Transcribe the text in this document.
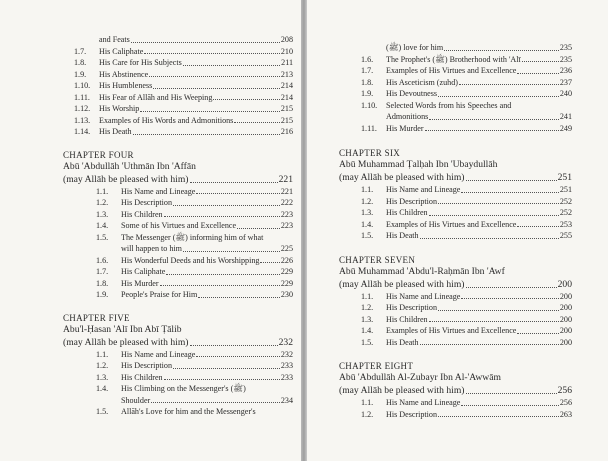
and Feats	208
1.7.	His Caliphate	210
1.8.	His Care for His Subjects	211
1.9.	His Abstinence	213
1.10.	His Humbleness	214
1.11.	His Fear of Allāh and His Weeping	214
1.12.	His Worship	215
1.13.	Examples of His Words and Admonitions	215
1.14.	His Death	216
CHAPTER FOUR
Abū 'Abdullāh 'Uthmān Ibn 'Affān
(may Allāh be pleased with him)	221
1.1.	His Name and Lineage	221
1.2.	His Description	222
1.3.	His Children	223
1.4.	Some of his Virtues and Excellence	223
1.5.	The Messenger (ﷺ) informing him of what
will happen to him	225
1.6.	His Wonderful Deeds and his Worshipping	226
1.7.	His Caliphate	229
1.8.	His Murder	229
1.9.	People's Praise for Him	230
CHAPTER FIVE
Abu'l-Ḥasan 'Alī Ibn Abī Ṭālib
(may Allāh be pleased with him)	232
1.1.	His Name and Lineage	232
1.2.	His Description	233
1.3.	His Children	233
1.4.	His Climbing on the Messenger's (ﷺ)
Shoulder	234
1.5.	Allāh's Love for him and the Messenger's
(ﷺ) love for him	235
1.6.	The Prophet's (ﷺ) Brotherhood with 'Alī	235
1.7.	Examples of His Virtues and Excellence	236
1.8.	His Asceticism (zuhd)	237
1.9.	His Devoutness	240
1.10.	Selected Words from his Speeches and
Admonitions	241
1.11.	His Murder	249
CHAPTER SIX
Abū Muhammad Ṭalḥah Ibn 'Ubaydullāh
(may Allāh be pleased with him)	251
1.1.	His Name and Lineage	251
1.2.	His Description	252
1.3.	His Children	252
1.4.	Examples of His Virtues and Excellence	253
1.5.	His Death	255
CHAPTER SEVEN
Abū Muhammad 'Abdu'l-Raḥmān Ibn 'Awf
(may Allāh be pleased with him)	200
1.1.	His Name and Lineage	200
1.2.	His Description	200
1.3.	His Children	200
1.4.	Examples of His Virtues and Excellence	200
1.5.	His Death	200
CHAPTER EIGHT
Abū 'Abdullāh Al-Zubayr Ibn Al-'Awwām
(may Allāh be pleased with him)	256
1.1.	His Name and Lineage	256
1.2.	His Description	263
